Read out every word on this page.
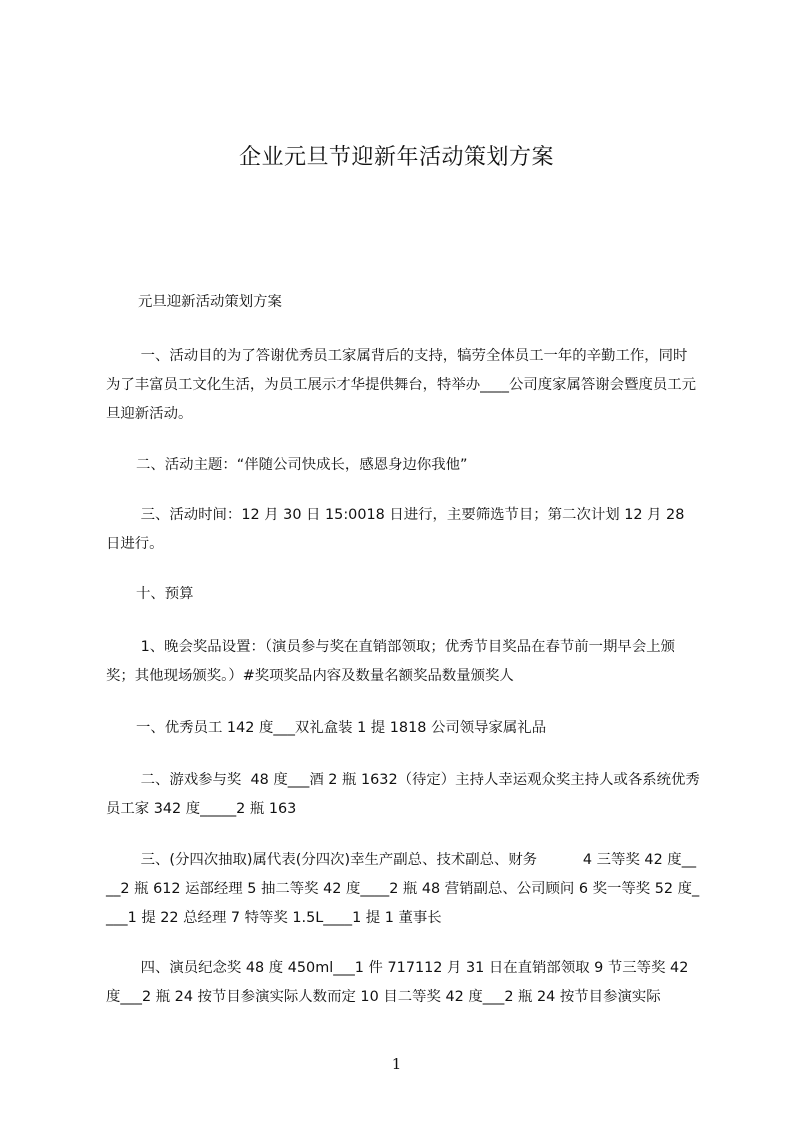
企业元旦节迎新年活动策划方案
元旦迎新活动策划方案
一、活动目的为了答谢优秀员工家属背后的支持，犒劳全体员工一年的辛勤工作，同时为了丰富员工文化生活，为员工展示才华提供舞台，特举办____公司度家属答谢会暨度员工元旦迎新活动。
二、活动主题：“伴随公司快成长，感恩身边你我他”
三、活动时间：12 月 30 日 15:0018 日进行，主要筛选节目；第二次计划 12 月 28 日进行。
十、预算
1、晚会奖品设置：（演员参与奖在直销部领取；优秀节目奖品在春节前一期早会上颁奖；其他现场颁奖。）#奖项奖品内容及数量名额奖品数量颁奖人
一、优秀员工 142 度___双礼盒装 1 提 1818 公司领导家属礼品
二、游戏参与奖  48 度___酒 2 瓶 1632（待定）主持人幸运观众奖主持人或各系统优秀员工家 342 度_____2 瓶 163
三、(分四次抽取)属代表(分四次)幸生产副总、技术副总、财务          4 三等奖 42 度____2 瓶 612 运部经理 5 抽二等奖 42 度____2 瓶 48 营销副总、公司顾问 6 奖一等奖 52 度____1 提 22 总经理 7 特等奖 1.5L____1 提 1 董事长
四、演员纪念奖 48 度 450ml___1 件 717112 月 31 日在直销部领取 9 节三等奖 42 度___2 瓶 24 按节目参演实际人数而定 10 目二等奖 42 度___2 瓶 24 按节目参演实际
1
